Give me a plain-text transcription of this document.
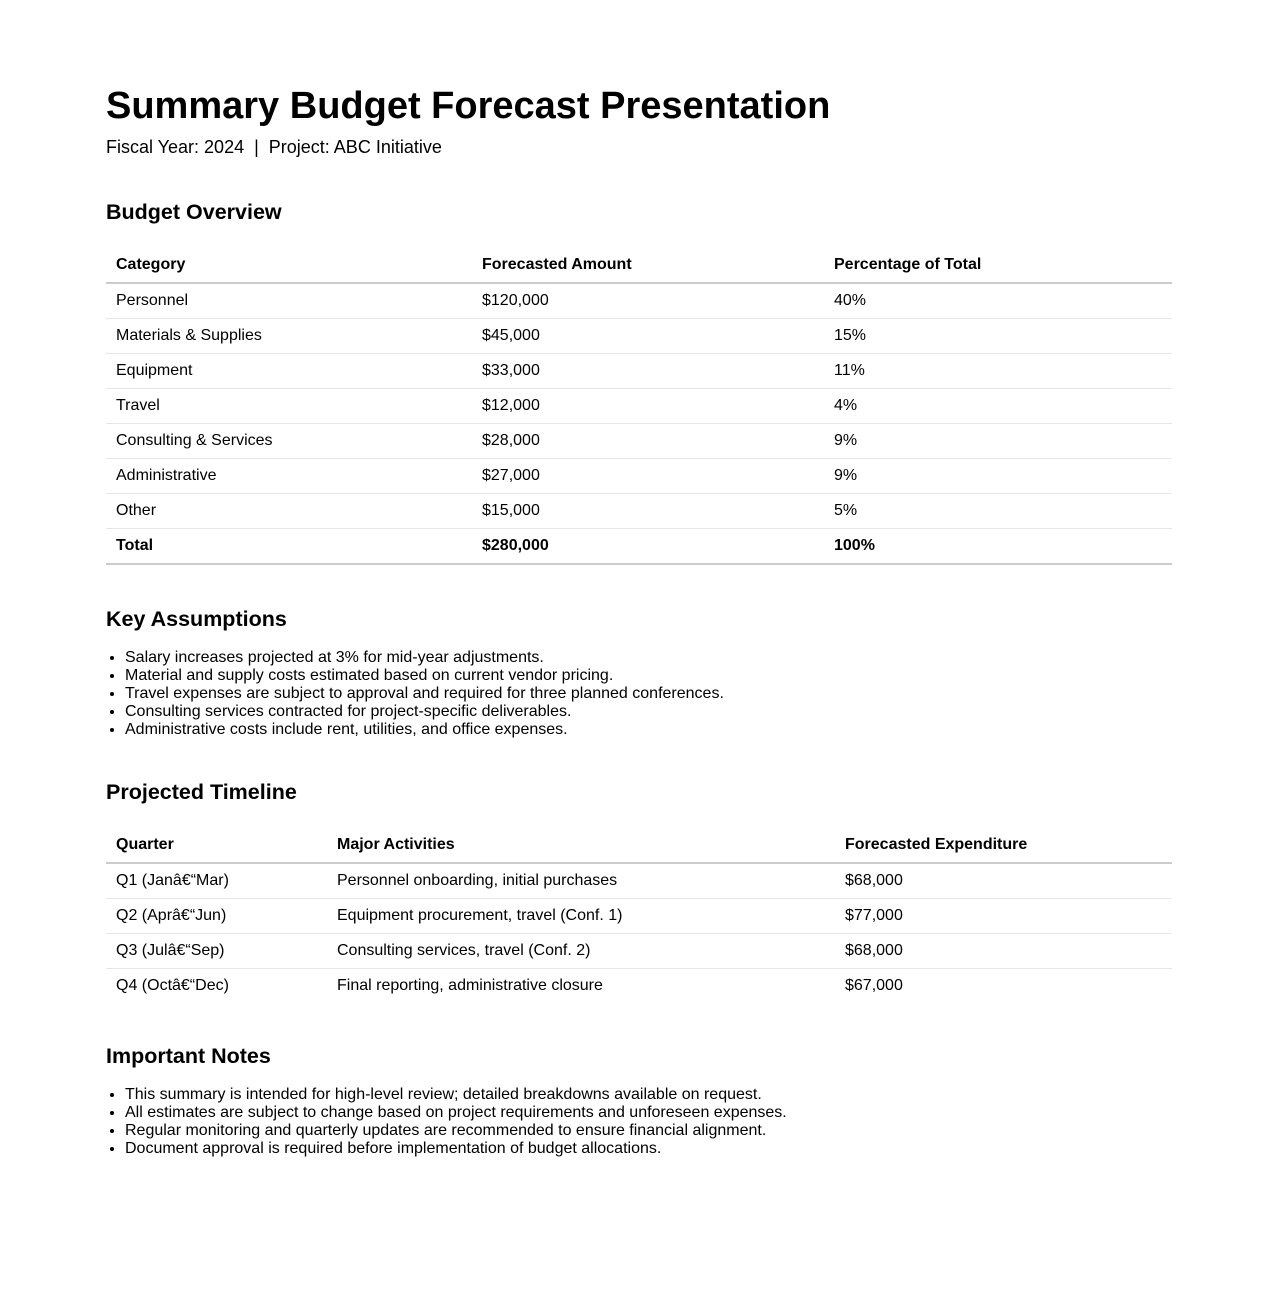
Summary Budget Forecast Presentation
Fiscal Year: 2024  |  Project: ABC Initiative
Budget Overview
Category	Forecasted Amount	Percentage of Total
Personnel	$120,000	40%
Materials & Supplies	$45,000	15%
Equipment	$33,000	11%
Travel	$12,000	4%
Consulting & Services	$28,000	9%
Administrative	$27,000	9%
Other	$15,000	5%
Total	$280,000	100%
Key Assumptions
• Salary increases projected at 3% for mid-year adjustments.
• Material and supply costs estimated based on current vendor pricing.
• Travel expenses are subject to approval and required for three planned conferences.
• Consulting services contracted for project-specific deliverables.
• Administrative costs include rent, utilities, and office expenses.
Projected Timeline
Quarter	Major Activities	Forecasted Expenditure
Q1 (Janâ€“Mar)	Personnel onboarding, initial purchases	$68,000
Q2 (Aprâ€“Jun)	Equipment procurement, travel (Conf. 1)	$77,000
Q3 (Julâ€“Sep)	Consulting services, travel (Conf. 2)	$68,000
Q4 (Octâ€“Dec)	Final reporting, administrative closure	$67,000
Important Notes
• This summary is intended for high-level review; detailed breakdowns available on request.
• All estimates are subject to change based on project requirements and unforeseen expenses.
• Regular monitoring and quarterly updates are recommended to ensure financial alignment.
• Document approval is required before implementation of budget allocations.
